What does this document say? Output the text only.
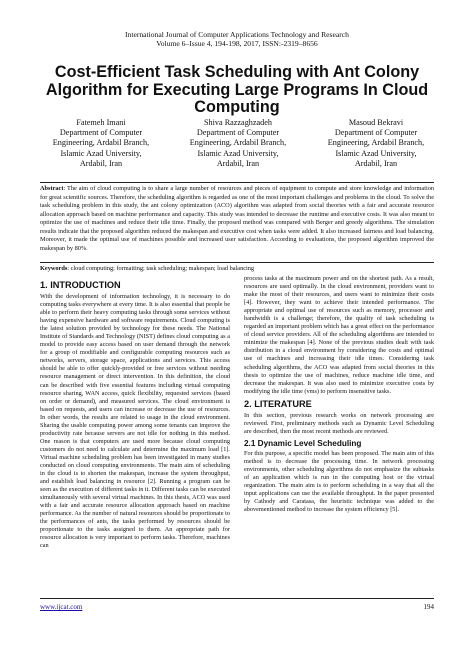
International Journal of Computer Applications Technology and Research
Volume 6–Issue 4, 194-198, 2017, ISSN:-2319–8656
Cost-Efficient Task Scheduling with Ant Colony Algorithm for Executing Large Programs In Cloud Computing
Fatemeh Imani
Department of Computer
Engineering, Ardabil Branch,
Islamic Azad University,
Ardabil, Iran
Shiva Razzaghzadeh
Department of Computer
Engineering, Ardabil Branch,
Islamic Azad University,
Ardabil, Iran
Masoud Bekravi
Department of Computer
Engineering, Ardabil Branch,
Islamic Azad University,
Ardabil, Iran
Abstract: The aim of cloud computing is to share a large number of resources and pieces of equipment to compute and store knowledge and information for great scientific sources. Therefore, the scheduling algorithm is regarded as one of the most important challenges and problems in the cloud. To solve the task scheduling problem in this study, the ant colony optimization (ACO) algorithm was adapted from social theories with a fair and accurate resource allocation approach based on machine performance and capacity. This study was intended to decrease the runtime and executive costs. It was also meant to optimize the use of machines and reduce their idle time. Finally, the proposed method was compared with Berger and greedy algorithms. The simulation results indicate that the proposed algorithm reduced the makespan and executive cost when tasks were added. It also increased fairness and load balancing. Moreover, it made the optimal use of machines possible and increased user satisfaction. According to evaluations, the proposed algorithm improved the makespan by 80%.
Keywords: cloud computing; formatting; task scheduling; makespan; load balancing
1. INTRODUCTION

With the development of information technology, it is necessary to do computing tasks everywhere at every time. It is also essential that people be able to perform their heavy computing tasks through some services without having expensive hardware and software requirements. Cloud computing is the latest solution provided by technology for these needs. The National Institute of Standards and Technology (NIST) defines cloud computing as a model to provide easy access based on user demand through the network for a group of modifiable and configurable computing resources such as networks, servers, storage space, applications and services. This access should be able to offer quickly-provided or free services without needing resource management or direct intervention. In this definition, the cloud can be described with five essential features including virtual computing resource sharing, WAN access, quick flexibility, requested services (based on order or demand), and measured services. The cloud environment is based on requests, and users can increase or decrease the use of resources. In other words, the results are related to usage in the cloud environment. Sharing the usable computing power among some tenants can improve the productivity rate because servers are not idle for nothing in this method. One reason is that computers are used more because cloud computing customers do not need to calculate and determine the maximum load [1]. Virtual machine scheduling problem has been investigated in many studies conducted on cloud computing environments. The main aim of scheduling in the cloud is to shorten the makespan, increase the system throughput, and establish load balancing in resource [2]. Running a program can be seen as the execution of different tasks in it. Different tasks can be executed simultaneously with several virtual machines. In this thesis, ACO was used with a fair and accurate resource allocation approach based on machine performance. As the number of natural resources should be proportionate to the performances of ants, the tasks performed by resources should be proportionate to the tasks assigned to them. An appropriate path for resource allocation is very important to perform tasks. Therefore, machines can

process tasks at the maximum power and on the shortest path. As a result, resources are used optimally. In the cloud environment, providers want to make the most of their resources, and users want to minimize their costs [4]. However, they want to achieve their intended performance. The appropriate and optimal use of resources such as memory, processor and bandwidth is a challenge; therefore, the quality of task scheduling is regarded an important problem which has a great effect on the performance of cloud service providers. All of the scheduling algorithms are intended to minimize the makespan [4]. None of the previous studies dealt with task distribution in a cloud environment by considering the costs and optimal use of machines and increasing their idle times. Considering task scheduling algorithms, the ACO was adapted from social theories in this thesis to optimize the use of machines, reduce machine idle time, and decrease the makespan. It was also used to minimize executive costs by modifying the idle time (vms) to perform insensitive tasks.

2. LITERATURE

In this section, previous research works on network processing are reviewed. First, preliminary methods such as Dynamic Level Scheduling are described, then the most recent methods are reviewed.

2.1 Dynamic Level Scheduling

For this purpose, a specific model has been proposed. The main aim of this method is to decrease the processing time. In network processing environments, other scheduling algorithms do not emphasize the subtasks of an application which is run in the computing host or the virtual organization. The main aim is to perform scheduling in a way that all the input applications can use the available throughput. In the paper presented by Cathody and Caratasa, the heuristic technique was added to the abovementioned method to increase the system efficiency [5].

www.ijcat.com	194
